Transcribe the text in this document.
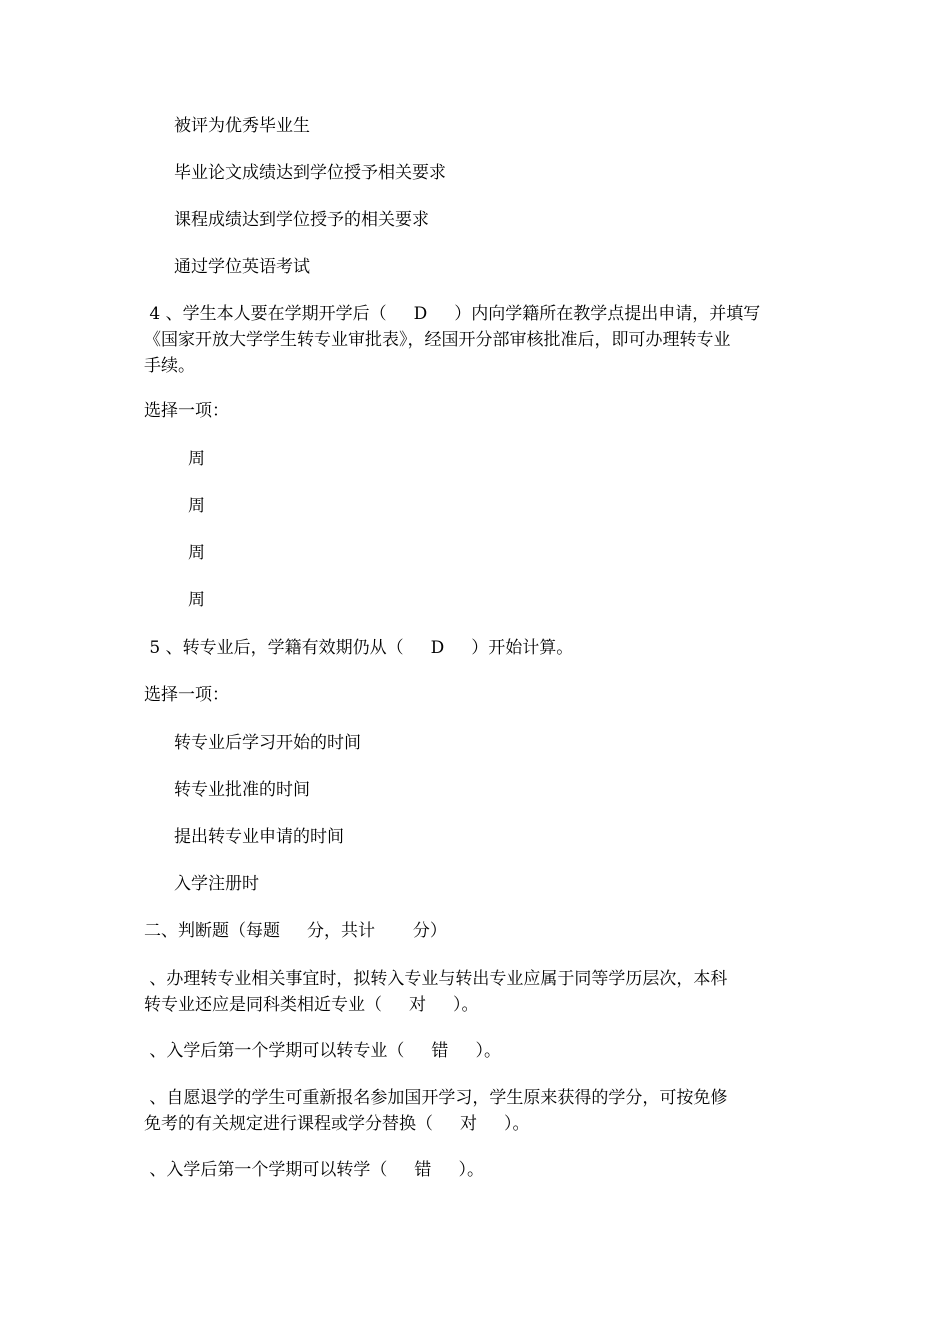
被评为优秀毕业生
毕业论文成绩达到学位授予相关要求
课程成绩达到学位授予的相关要求
通过学位英语考试
4 、学生本人要在学期开学后（     D     ）内向学籍所在教学点提出申请，并填写
《国家开放大学学生转专业审批表》，经国开分部审核批准后，即可办理转专业
手续。
选择一项：
周
周
周
周
5 、转专业后，学籍有效期仍从（     D     ）开始计算。
选择一项：
转专业后学习开始的时间
转专业批准的时间
提出转专业申请的时间
入学注册时
二、判断题（每题     分，共计       分）
、办理转专业相关事宜时，拟转入专业与转出专业应属于同等学历层次，本科
转专业还应是同科类相近专业（     对     ）。
、入学后第一个学期可以转专业（     错     ）。
、自愿退学的学生可重新报名参加国开学习，学生原来获得的学分，可按免修
免考的有关规定进行课程或学分替换（     对     ）。
、入学后第一个学期可以转学（     错     ）。
